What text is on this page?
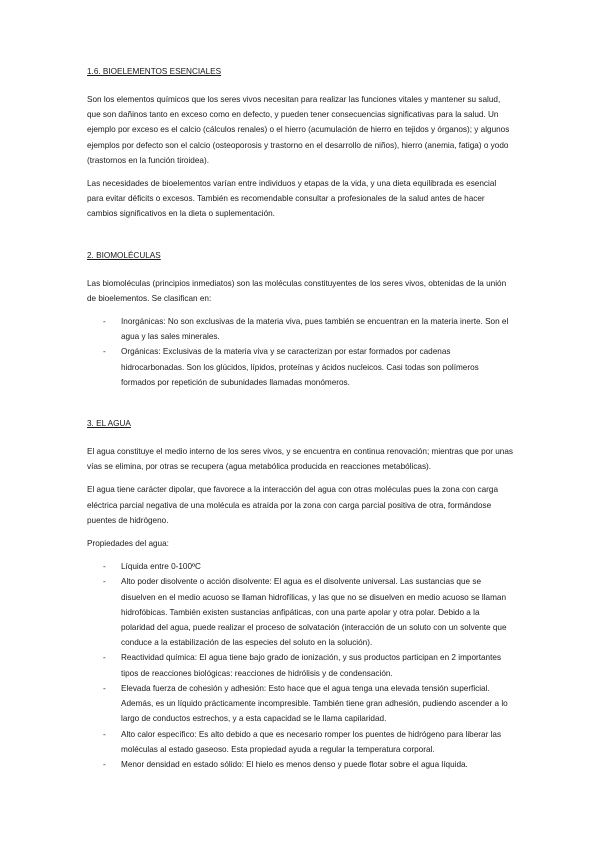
1.6. BIOELEMENTOS ESENCIALES

Son los elementos químicos que los seres vivos necesitan para realizar las funciones vitales y mantener su salud, que son dañinos tanto en exceso como en defecto, y pueden tener consecuencias significativas para la salud. Un ejemplo por exceso es el calcio (cálculos renales) o el hierro (acumulación de hierro en tejidos y órganos); y algunos ejemplos por defecto son el calcio (osteoporosis y trastorno en el desarrollo de niños), hierro (anemia, fatiga) o yodo (trastornos en la función tiroidea).

Las necesidades de bioelementos varían entre individuos y etapas de la vida, y una dieta equilibrada es esencial para evitar déficits o excesos. También es recomendable consultar a profesionales de la salud antes de hacer cambios significativos en la dieta o suplementación.

2. BIOMOLÉCULAS

Las biomoléculas (principios inmediatos) son las moléculas constituyentes de los seres vivos, obtenidas de la unión de bioelementos. Se clasifican en:

- Inorgánicas: No son exclusivas de la materia viva, pues también se encuentran en la materia inerte. Son el agua y las sales minerales.
- Orgánicas: Exclusivas de la materia viva y se caracterizan por estar formados por cadenas hidrocarbonadas. Son los glúcidos, lípidos, proteínas y ácidos nucleicos. Casi todas son polímeros formados por repetición de subunidades llamadas monómeros.

3. EL AGUA

El agua constituye el medio interno de los seres vivos, y se encuentra en continua renovación; mientras que por unas vías se elimina, por otras se recupera (agua metabólica producida en reacciones metabólicas).

El agua tiene carácter dipolar, que favorece a la interacción del agua con otras moléculas pues la zona con carga eléctrica parcial negativa de una molécula es atraída por la zona con carga parcial positiva de otra, formándose puentes de hidrógeno.

Propiedades del agua:

- Líquida entre 0-100ºC
- Alto poder disolvente o acción disolvente: El agua es el disolvente universal. Las sustancias que se disuelven en el medio acuoso se llaman hidrofílicas, y las que no se disuelven en medio acuoso se llaman hidrofóbicas. También existen sustancias anfipáticas, con una parte apolar y otra polar. Debido a la polaridad del agua, puede realizar el proceso de solvatación (interacción de un soluto con un solvente que conduce a la estabilización de las especies del soluto en la solución).
- Reactividad química: El agua tiene bajo grado de ionización, y sus productos participan en 2 importantes tipos de reacciones biológicas: reacciones de hidrólisis y de condensación.
- Elevada fuerza de cohesión y adhesión: Esto hace que el agua tenga una elevada tensión superficial. Además, es un líquido prácticamente incompresible. También tiene gran adhesión, pudiendo ascender a lo largo de conductos estrechos, y a esta capacidad se le llama capilaridad.
- Alto calor específico: Es alto debido a que es necesario romper los puentes de hidrógeno para liberar las moléculas al estado gaseoso. Esta propiedad ayuda a regular la temperatura corporal.
- Menor densidad en estado sólido: El hielo es menos denso y puede flotar sobre el agua líquida.
